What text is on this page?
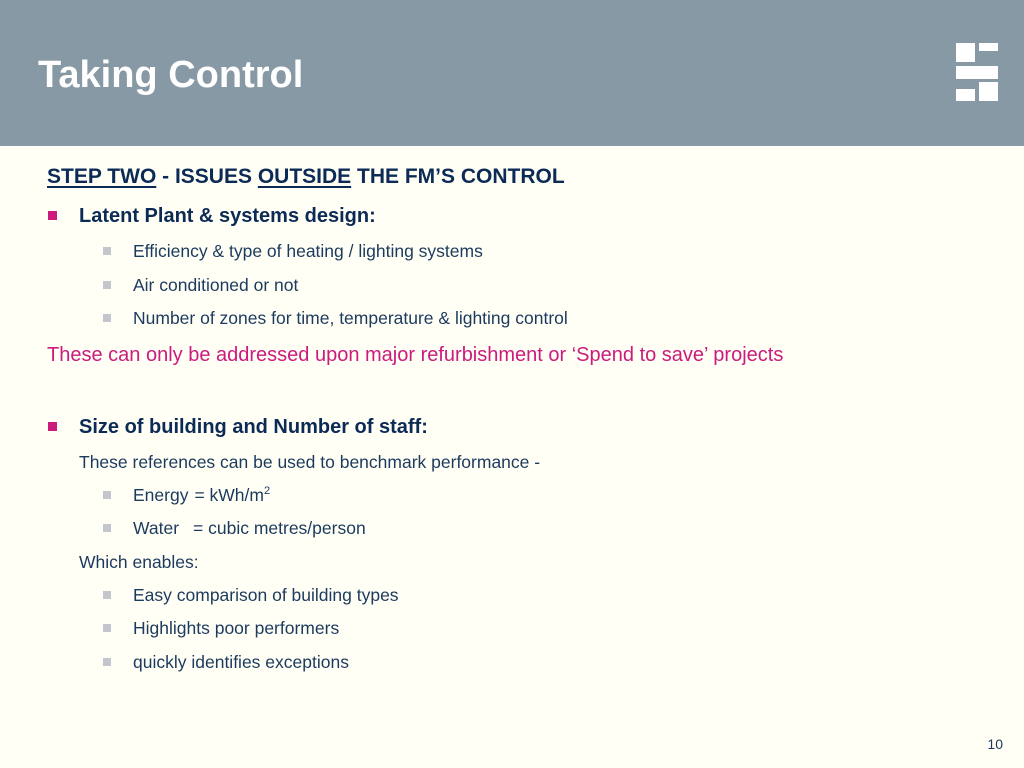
Taking Control
STEP TWO - ISSUES OUTSIDE THE FM’S CONTROL
Latent Plant & systems design:
Efficiency & type of heating / lighting systems
Air conditioned or not
Number of zones for time, temperature & lighting control
These can only be addressed upon major refurbishment or ‘Spend to save’ projects
Size of building and Number of staff:
These references can be used to benchmark performance -
Energy = kWh/$m^2$
Water = cubic metres/person
Which enables:
Easy comparison of building types
Highlights poor performers
quickly identifies exceptions
10
